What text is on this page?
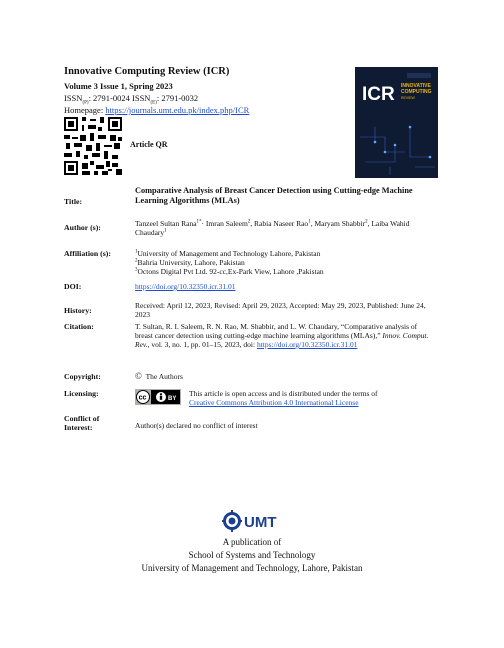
Innovative Computing Review (ICR)
Volume 3 Issue 1, Spring 2023
$ISSN_{(P)}$: 2791-0024 $ISSN_{(E)}$: 2791-0032
Homepage: https://journals.umt.edu.pk/index.php/ICR
Article QR
ICR INNOVATIVE
COMPUTING
REVIEW
Title:
Comparative Analysis of Breast Cancer Detection using Cutting-edge Machine Learning Algorithms (MLAs)
Author (s):	Tanzeel Sultan Rana$^{1*}$· Imran Saleem$^2$, Rabia Naseer Rao$^1$, Maryam Shabbir$^2$, Laiba Wahid Chaudary$^1$
Affiliation (s):	$^1$University of Management and Technology Lahore, Pakistan
$^2$Bahria University, Lahore, Pakistan
$^3$Octons Digital Pvt Ltd. 92-cc,Ex-Park View, Lahore ,Pakistan
DOI:	https://doi.org/10.32350.icr.31.01
History:
Received: April 12, 2023, Revised: April 29, 2023, Accepted: May 29, 2023, Published: June 24, 2023
Citation:	T. Sultan, R. I. Saleem, R. N. Rao, M. Shabbir, and L. W. Chaudary, “Comparative analysis of breast cancer detection using cutting-edge machine learning algorithms (MLAs),” Innov. Comput. Rev., vol. 3, no. 1, pp. 01–15, 2023, doi: https://doi.org/10.32350.icr.31.01
Copyright:	© The Authors
Licensing:
cc	BY
This article is open access and is distributed under the terms of
Creative Commons Attribution 4.0 International License
Conflict of
Interest:	Author(s) declared no conflict of interest
UMT
A publication of
School of Systems and Technology
University of Management and Technology, Lahore, Pakistan
